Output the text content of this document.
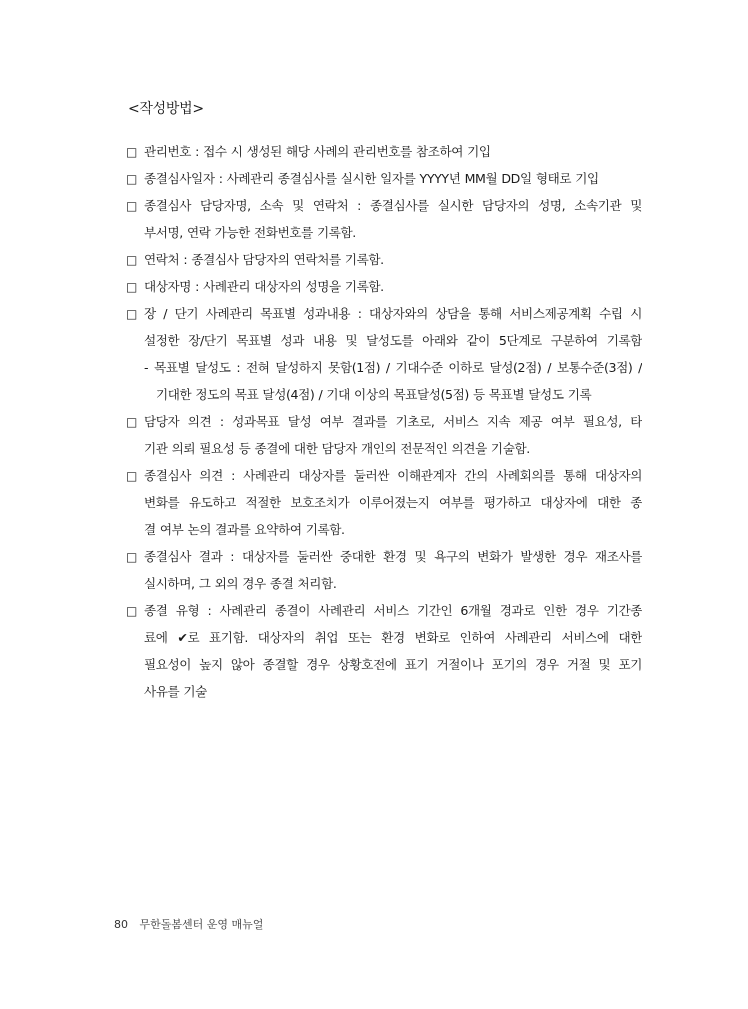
<작성방법>
□ 관리번호 : 접수 시 생성된 해당 사례의 관리번호를 참조하여 기입
□ 종결심사일자 : 사례관리 종결심사를 실시한 일자를 YYYY년 MM월 DD일 형태로 기입
□ 종결심사 담당자명, 소속 및 연락처 : 종결심사를 실시한 담당자의 성명, 소속기관 및
부서명, 연락 가능한 전화번호를 기록함.
□ 연락처 : 종결심사 담당자의 연락처를 기록함.
□ 대상자명 : 사례관리 대상자의 성명을 기록함.
□ 장 / 단기 사례관리 목표별 성과내용 : 대상자와의 상담을 통해 서비스제공계획 수립 시
설정한 장/단기 목표별 성과 내용 및 달성도를 아래와 같이 5단계로 구분하여 기록함
- 목표별 달성도 : 전혀 달성하지 못함(1점) / 기대수준 이하로 달성(2점) / 보통수준(3점) /
기대한 정도의 목표 달성(4점) / 기대 이상의 목표달성(5점) 등 목표별 달성도 기록
□ 담당자 의견 : 성과목표 달성 여부 결과를 기초로, 서비스 지속 제공 여부 필요성, 타
기관 의뢰 필요성 등 종결에 대한 담당자 개인의 전문적인 의견을 기술함.
□ 종결심사 의견 : 사례관리 대상자를 둘러싼 이해관계자 간의 사례회의를 통해 대상자의
변화를 유도하고 적절한 보호조치가 이루어졌는지 여부를 평가하고 대상자에 대한 종
결 여부 논의 결과를 요약하여 기록함.
□ 종결심사 결과 : 대상자를 둘러싼 중대한 환경 및 욕구의 변화가 발생한 경우 재조사를
실시하며, 그 외의 경우 종결 처리함.
□ 종결 유형 : 사례관리 종결이 사례관리 서비스 기간인 6개월 경과로 인한 경우 기간종
료에 ✔로 표기함. 대상자의 취업 또는 환경 변화로 인하여 사례관리 서비스에 대한
필요성이 높지 않아 종결할 경우 상황호전에 표기 거절이나 포기의 경우 거절 및 포기
사유를 기술
80 무한돌봄센터 운영 매뉴얼
